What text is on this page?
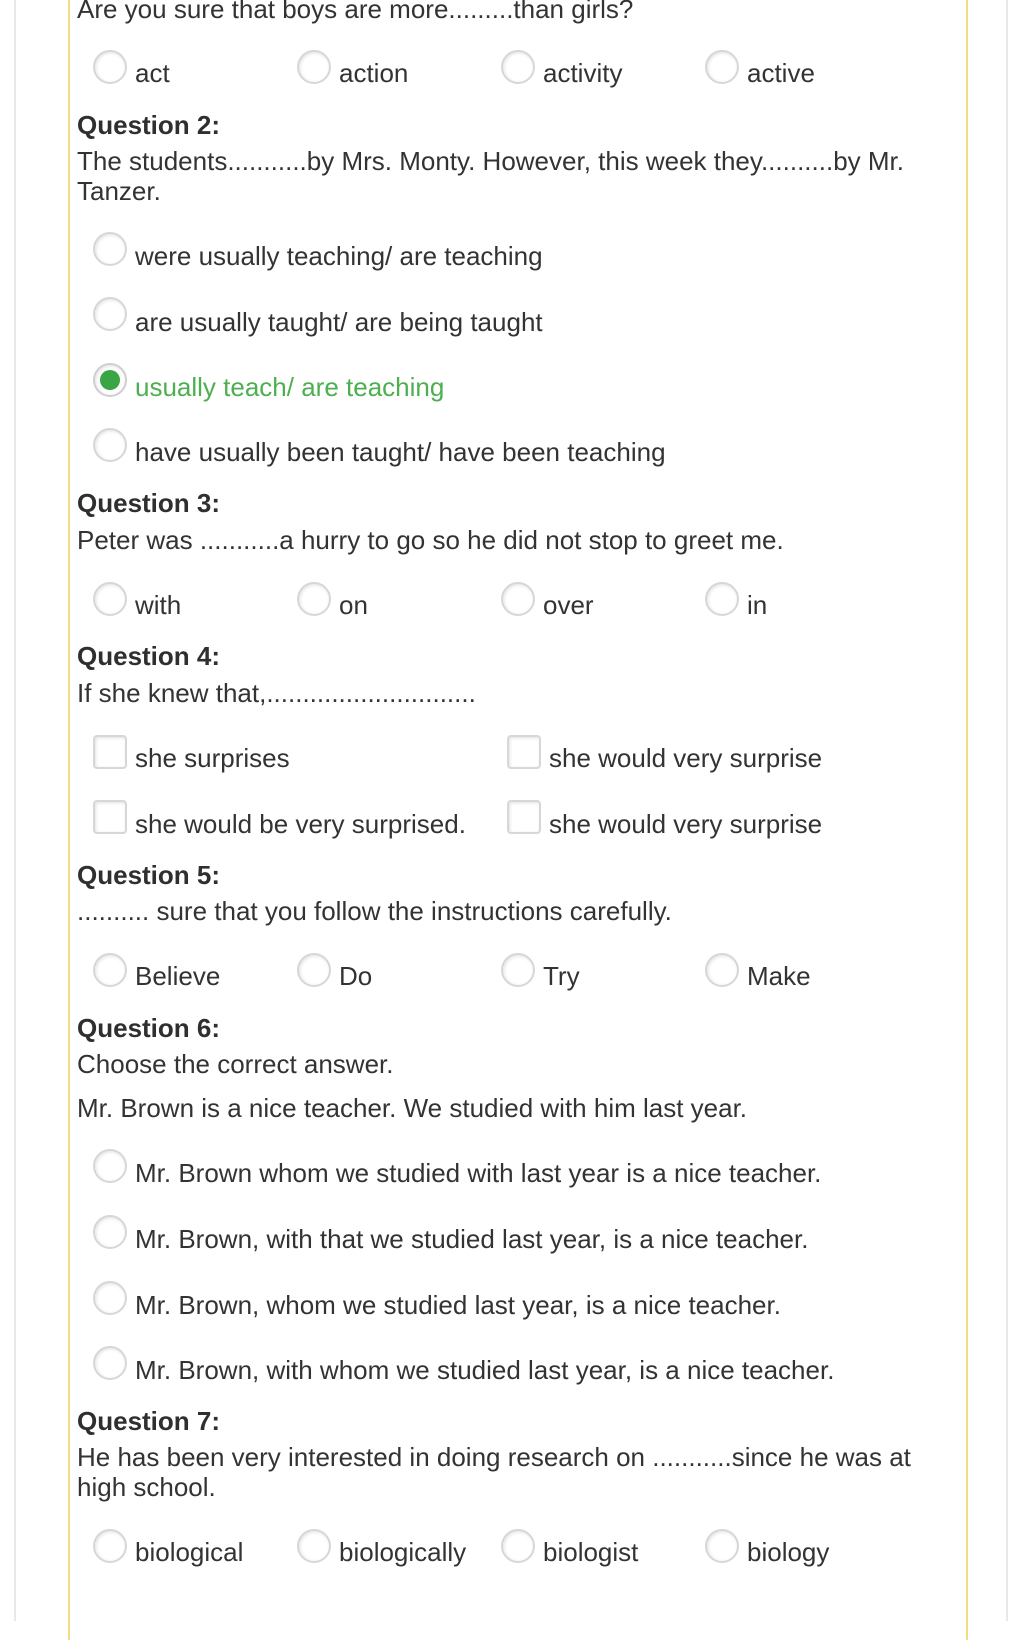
Are you sure that boys are more.........than girls?
act	action	activity	active
Question 2:
The students...........by Mrs. Monty. However, this week they..........by Mr.
Tanzer.
were usually teaching/ are teaching
are usually taught/ are being taught
usually teach/ are teaching
have usually been taught/ have been teaching
Question 3:
Peter was ...........a hurry to go so he did not stop to greet me.
with	on	over	in
Question 4:
If she knew that,.............................
she surprises	she would very surprise
she would be very surprised.	she would very surprise
Question 5:
.......... sure that you follow the instructions carefully.
Believe	Do	Try	Make
Question 6:
Choose the correct answer.
Mr. Brown is a nice teacher. We studied with him last year.
Mr. Brown whom we studied with last year is a nice teacher.
Mr. Brown, with that we studied last year, is a nice teacher.
Mr. Brown, whom we studied last year, is a nice teacher.
Mr. Brown, with whom we studied last year, is a nice teacher.
Question 7:
He has been very interested in doing research on ...........since he was at
high school.
biological	biologically	biologist	biology
